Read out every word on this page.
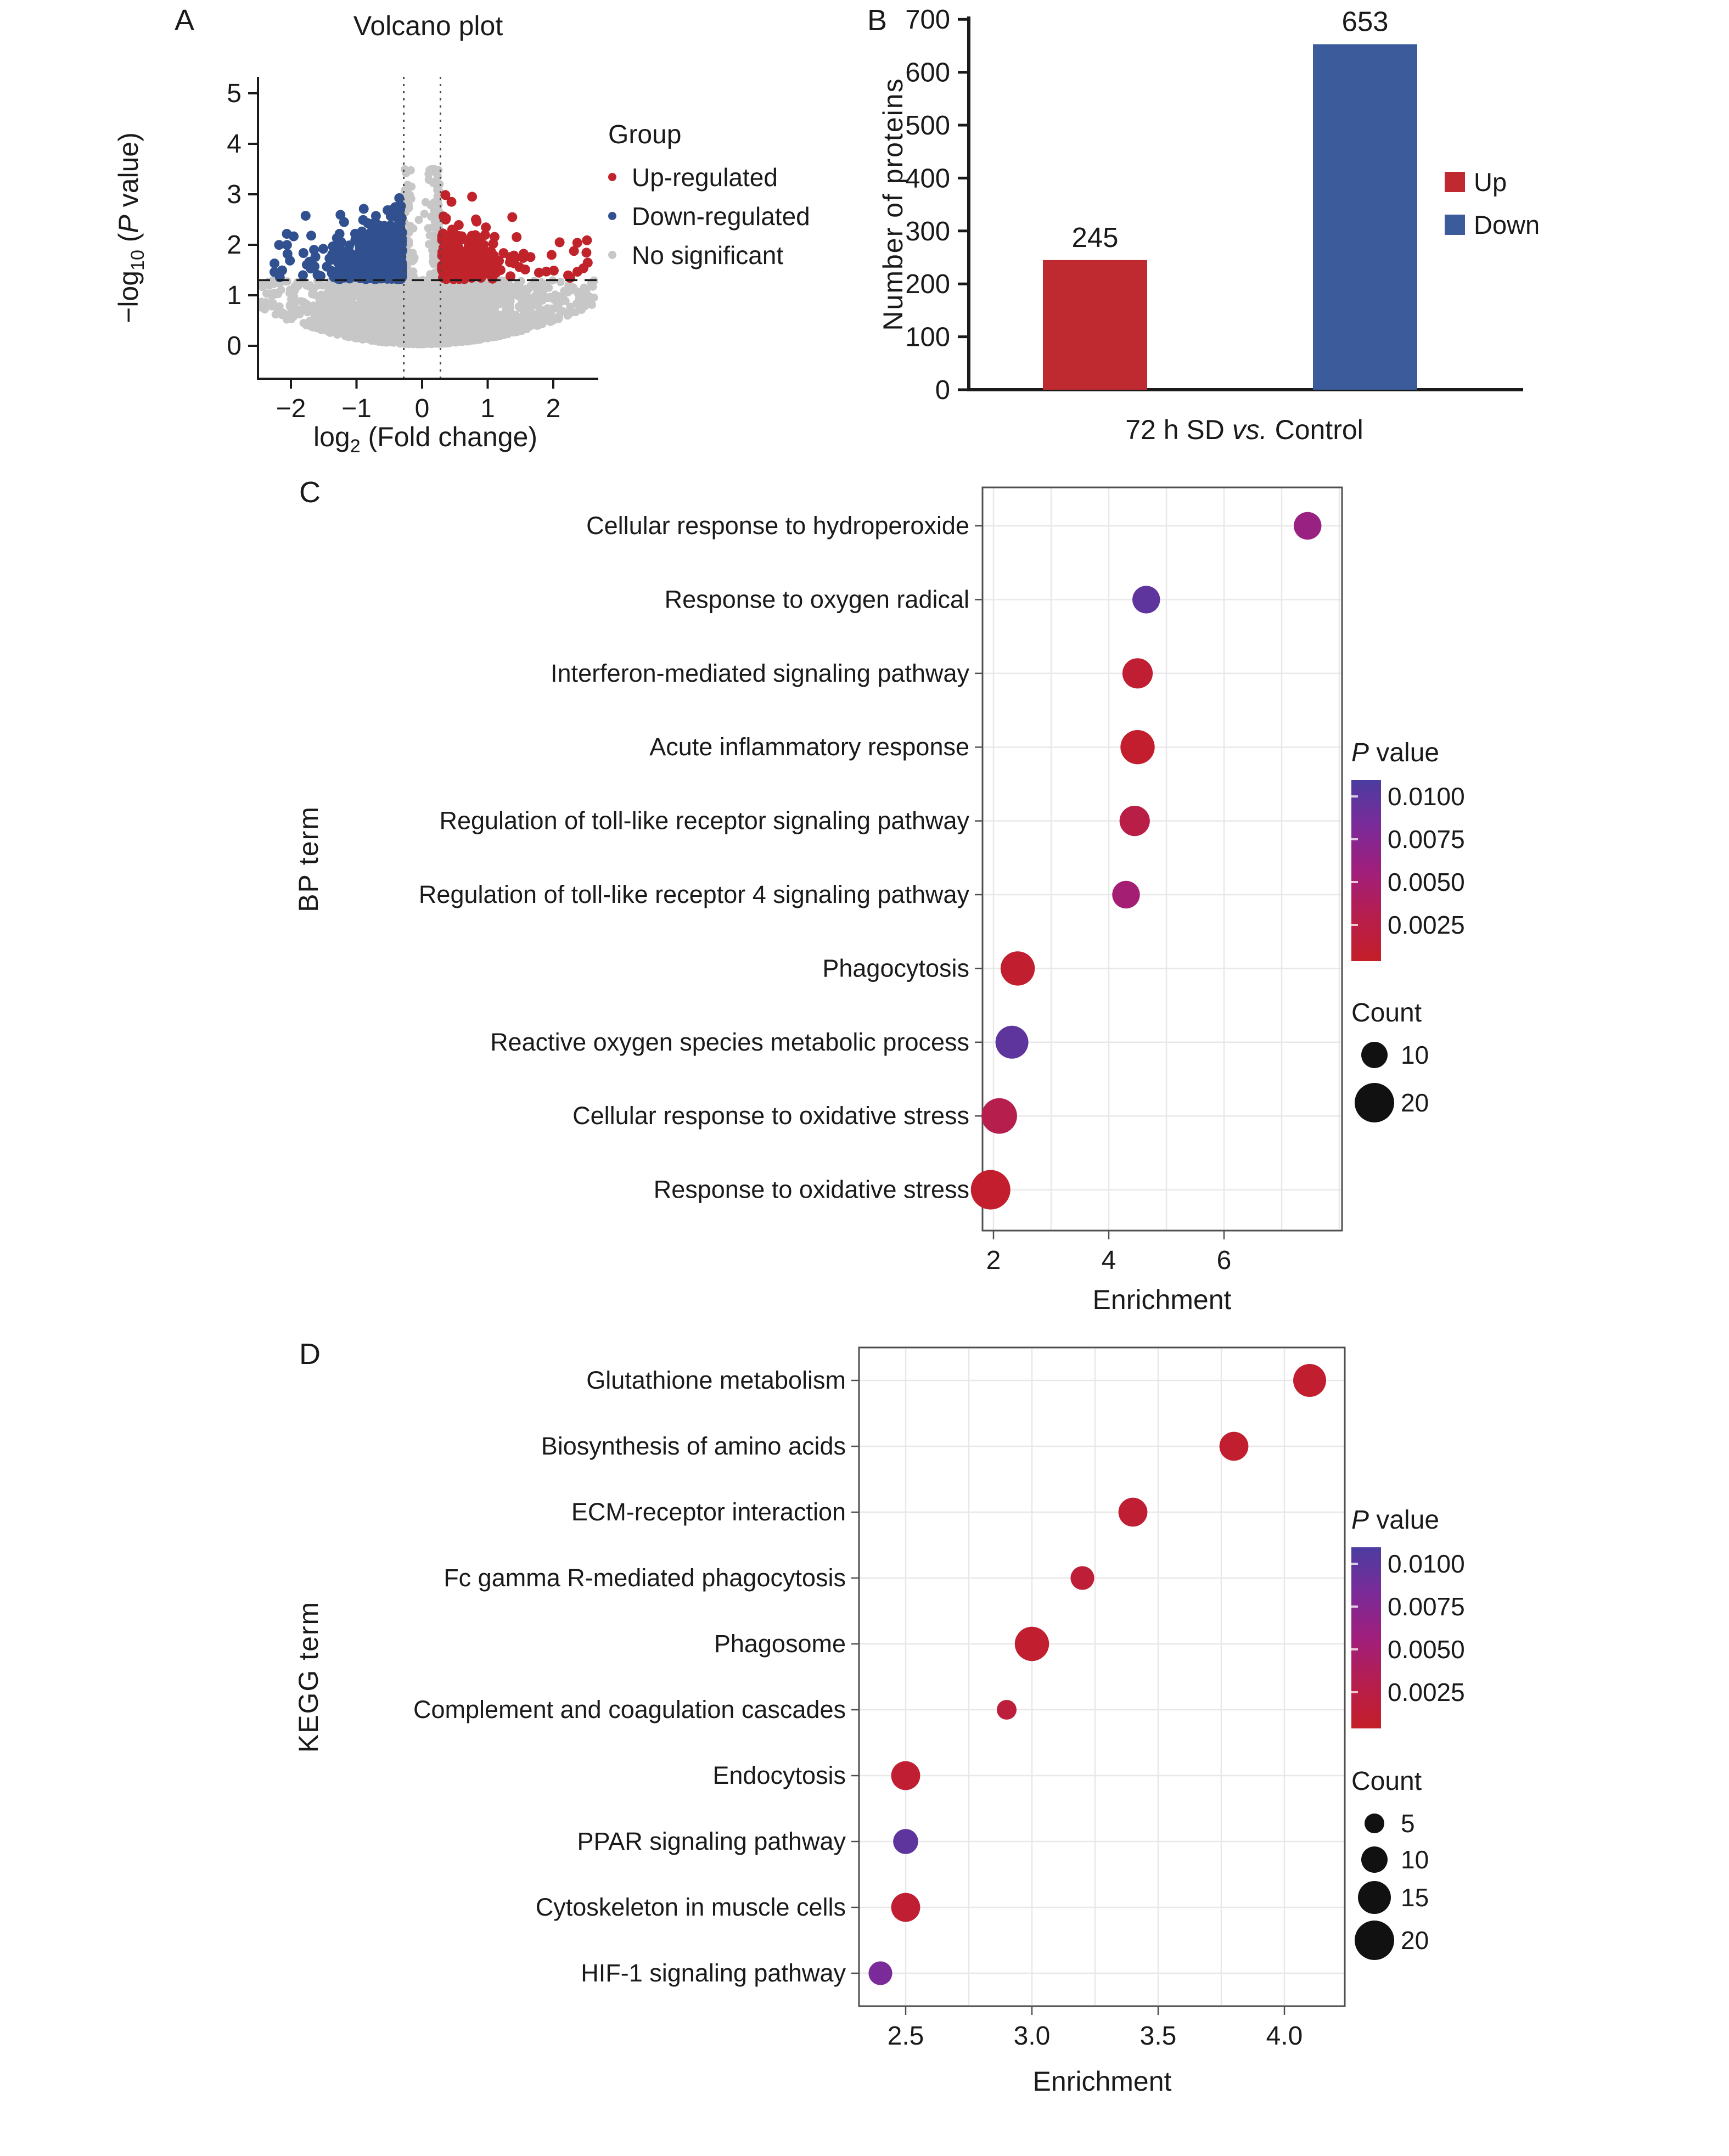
0
1
2
3
4
5
−2 −1 0 1 2
0
100
200
300
400
500
600
700
245
653
Cellular response to hydroperoxide
Response to oxygen radical
Interferon-mediated signaling pathway
Acute inflammatory response
Regulation of toll-like receptor signaling pathway
Regulation of toll-like receptor 4 signaling pathway
Phagocytosis
Reactive oxygen species metabolic process
Cellular response to oxidative stress
Response to oxidative stress
2	4	6
Glutathione metabolism
Biosynthesis of amino acids
ECM-receptor interaction
Fc gamma R-mediated phagocytosis
Phagosome
Complement and coagulation cascades
Endocytosis
PPAR signaling pathway
Cytoskeleton in muscle cells
HIF-1 signaling pathway
2.5	3.0	3.5	4.0
A	B
C
D
Volcano plot
$-\log_{10}$ (P value)
$\log_2$ (Fold change)
Group
Up-regulated
Down-regulated
No significant	Number of proteins
72 h SD vs. Control
Up
Down
BP term
Enrichment
P value
0.0100
0.0075
0.0050
0.0025
Count
10
20
KEGG term
Enrichment
P value
0.0100
0.0075
0.0050
0.0025
Count
5
10
15
20
